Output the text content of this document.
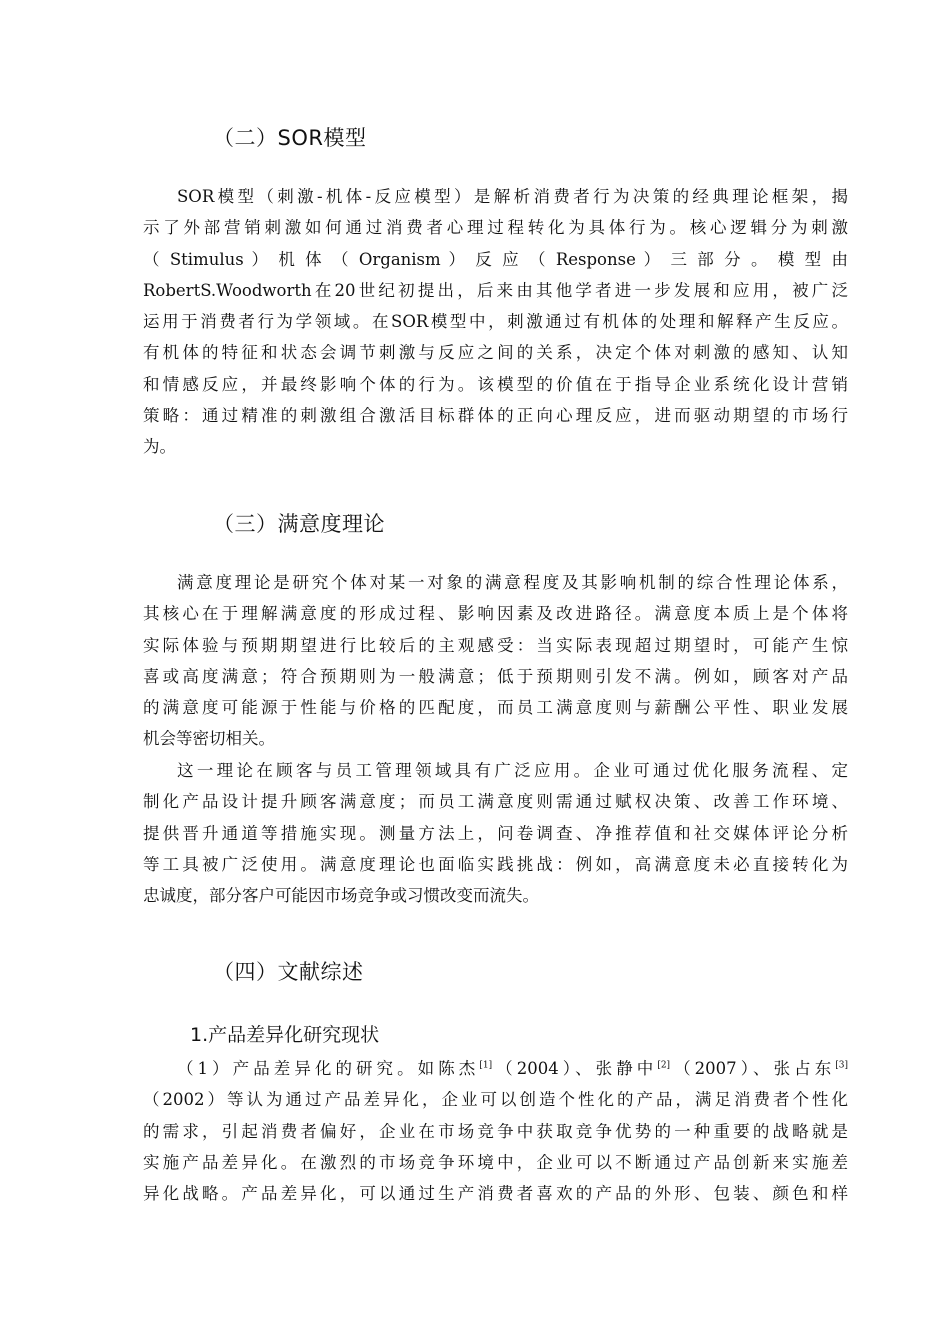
（二）SOR模型
SOR模型（刺激-机体-反应模型）是解析消费者行为决策的经典理论框架，揭
示了外部营销刺激如何通过消费者心理过程转化为具体行为。核心逻辑分为刺激
（ Stimulus ） 机 体 （ Organism ） 反 应 （ Response ） 三 部 分 。 模 型 由
RobertS.Woodworth在20世纪初提出，后来由其他学者进一步发展和应用，被广泛
运用于消费者行为学领域。在SOR模型中，刺激通过有机体的处理和解释产生反应。
有机体的特征和状态会调节刺激与反应之间的关系，决定个体对刺激的感知、认知
和情感反应，并最终影响个体的行为。该模型的价值在于指导企业系统化设计营销
策略：通过精准的刺激组合激活目标群体的正向心理反应，进而驱动期望的市场行
为。
（三）满意度理论
满意度理论是研究个体对某一对象的满意程度及其影响机制的综合性理论体系，
其核心在于理解满意度的形成过程、影响因素及改进路径。满意度本质上是个体将
实际体验与预期期望进行比较后的主观感受：当实际表现超过期望时，可能产生惊
喜或高度满意；符合预期则为一般满意；低于预期则引发不满。例如，顾客对产品
的满意度可能源于性能与价格的匹配度，而员工满意度则与薪酬公平性、职业发展
机会等密切相关。
这一理论在顾客与员工管理领域具有广泛应用。企业可通过优化服务流程、定
制化产品设计提升顾客满意度；而员工满意度则需通过赋权决策、改善工作环境、
提供晋升通道等措施实现。测量方法上，问卷调查、净推荐值和社交媒体评论分析
等工具被广泛使用。满意度理论也面临实践挑战：例如，高满意度未必直接转化为
忠诚度，部分客户可能因市场竞争或习惯改变而流失。
（四）文献综述
1.产品差异化研究现状
（1）产品差异化的研究。如陈杰[1]（2004）、张静中[2]（2007）、张占东[3]
（2002）等认为通过产品差异化，企业可以创造个性化的产品，满足消费者个性化
的需求，引起消费者偏好，企业在市场竞争中获取竞争优势的一种重要的战略就是
实施产品差异化。在激烈的市场竞争环境中，企业可以不断通过产品创新来实施差
异化战略。产品差异化，可以通过生产消费者喜欢的产品的外形、包装、颜色和样
